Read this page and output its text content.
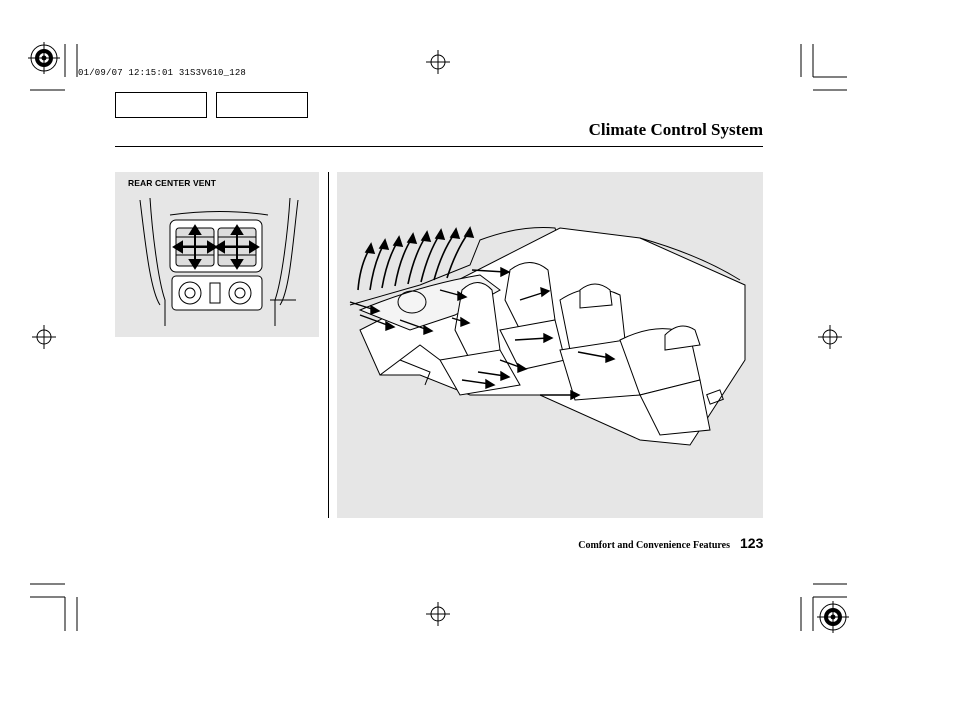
01/09/07 12:15:01 31S3V610_128
Climate Control System
REAR CENTER VENT
Comfort and Convenience Features 123
